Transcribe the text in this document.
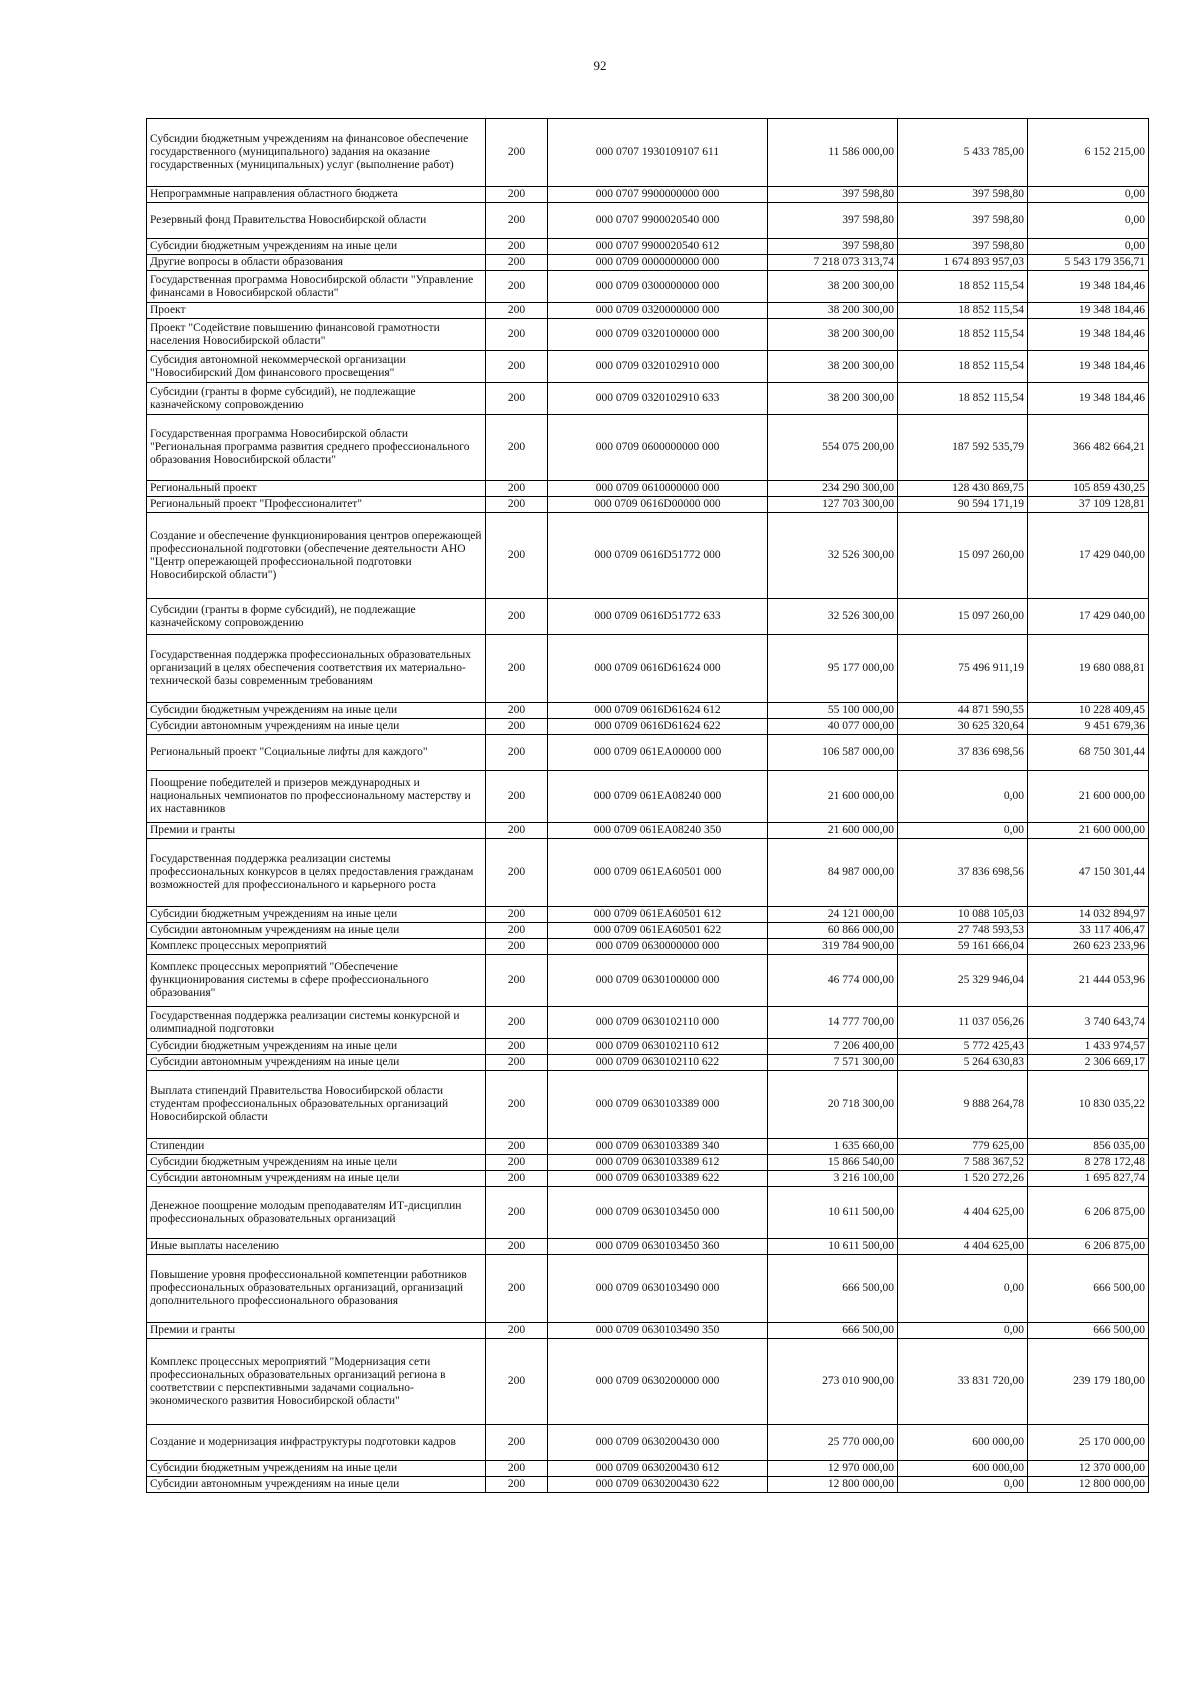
92
Субсидии бюджетным учреждениям на финансовое обеспечение государственного (муниципального) задания на оказание государственных (муниципальных) услуг (выполнение работ)	200	000 0707 1930109107 611	11 586 000,00	5 433 785,00	6 152 215,00
Непрограммные направления областного бюджета	200	000 0707 9900000000 000	397 598,80	397 598,80	0,00
Резервный фонд Правительства Новосибирской области	200	000 0707 9900020540 000	397 598,80	397 598,80	0,00
Субсидии бюджетным учреждениям на иные цели	200	000 0707 9900020540 612	397 598,80	397 598,80	0,00
Другие вопросы в области образования	200	000 0709 0000000000 000	7 218 073 313,74	1 674 893 957,03	5 543 179 356,71
Государственная программа Новосибирской области "Управление финансами в Новосибирской области"	200	000 0709 0300000000 000	38 200 300,00	18 852 115,54	19 348 184,46
Проект	200	000 0709 0320000000 000	38 200 300,00	18 852 115,54	19 348 184,46
Проект "Содействие повышению финансовой грамотности населения Новосибирской области"	200	000 0709 0320100000 000	38 200 300,00	18 852 115,54	19 348 184,46
Субсидия автономной некоммерческой организации "Новосибирский Дом финансового просвещения"	200	000 0709 0320102910 000	38 200 300,00	18 852 115,54	19 348 184,46
Субсидии (гранты в форме субсидий), не подлежащие казначейскому сопровождению	200	000 0709 0320102910 633	38 200 300,00	18 852 115,54	19 348 184,46
Государственная программа Новосибирской области "Региональная программа развития среднего профессионального образования Новосибирской области"	200	000 0709 0600000000 000	554 075 200,00	187 592 535,79	366 482 664,21
Региональный проект	200	000 0709 0610000000 000	234 290 300,00	128 430 869,75	105 859 430,25
Региональный проект "Профессионалитет"	200	000 0709 0616D00000 000	127 703 300,00	90 594 171,19	37 109 128,81
Создание и обеспечение функционирования центров опережающей профессиональной подготовки (обеспечение деятельности АНО "Центр опережающей профессиональной подготовки Новосибирской области")	200	000 0709 0616D51772 000	32 526 300,00	15 097 260,00	17 429 040,00
Субсидии (гранты в форме субсидий), не подлежащие казначейскому сопровождению	200	000 0709 0616D51772 633	32 526 300,00	15 097 260,00	17 429 040,00
Государственная поддержка профессиональных образовательных организаций в целях обеспечения соответствия их материально-технической базы современным требованиям	200	000 0709 0616D61624 000	95 177 000,00	75 496 911,19	19 680 088,81
Субсидии бюджетным учреждениям на иные цели	200	000 0709 0616D61624 612	55 100 000,00	44 871 590,55	10 228 409,45
Субсидии автономным учреждениям на иные цели	200	000 0709 0616D61624 622	40 077 000,00	30 625 320,64	9 451 679,36
Региональный проект "Социальные лифты для каждого"	200	000 0709 061EA00000 000	106 587 000,00	37 836 698,56	68 750 301,44
Поощрение победителей и призеров международных и национальных чемпионатов по профессиональному мастерству и их наставников	200	000 0709 061EA08240 000	21 600 000,00	0,00	21 600 000,00
Премии и гранты	200	000 0709 061EA08240 350	21 600 000,00	0,00	21 600 000,00
Государственная поддержка реализации системы профессиональных конкурсов в целях предоставления гражданам возможностей для профессионального и карьерного роста	200	000 0709 061EA60501 000	84 987 000,00	37 836 698,56	47 150 301,44
Субсидии бюджетным учреждениям на иные цели	200	000 0709 061EA60501 612	24 121 000,00	10 088 105,03	14 032 894,97
Субсидии автономным учреждениям на иные цели	200	000 0709 061EA60501 622	60 866 000,00	27 748 593,53	33 117 406,47
Комплекс процессных мероприятий	200	000 0709 0630000000 000	319 784 900,00	59 161 666,04	260 623 233,96
Комплекс процессных мероприятий "Обеспечение функционирования системы в сфере профессионального образования"	200	000 0709 0630100000 000	46 774 000,00	25 329 946,04	21 444 053,96
Государственная поддержка реализации системы конкурсной и олимпиадной подготовки	200	000 0709 0630102110 000	14 777 700,00	11 037 056,26	3 740 643,74
Субсидии бюджетным учреждениям на иные цели	200	000 0709 0630102110 612	7 206 400,00	5 772 425,43	1 433 974,57
Субсидии автономным учреждениям на иные цели	200	000 0709 0630102110 622	7 571 300,00	5 264 630,83	2 306 669,17
Выплата стипендий Правительства Новосибирской области студентам профессиональных образовательных организаций Новосибирской области	200	000 0709 0630103389 000	20 718 300,00	9 888 264,78	10 830 035,22
Стипендии	200	000 0709 0630103389 340	1 635 660,00	779 625,00	856 035,00
Субсидии бюджетным учреждениям на иные цели	200	000 0709 0630103389 612	15 866 540,00	7 588 367,52	8 278 172,48
Субсидии автономным учреждениям на иные цели	200	000 0709 0630103389 622	3 216 100,00	1 520 272,26	1 695 827,74
Денежное поощрение молодым преподавателям ИТ-дисциплин профессиональных образовательных организаций	200	000 0709 0630103450 000	10 611 500,00	4 404 625,00	6 206 875,00
Иные выплаты населению	200	000 0709 0630103450 360	10 611 500,00	4 404 625,00	6 206 875,00
Повышение уровня профессиональной компетенции работников профессиональных образовательных организаций, организаций дополнительного профессионального образования	200	000 0709 0630103490 000	666 500,00	0,00	666 500,00
Премии и гранты	200	000 0709 0630103490 350	666 500,00	0,00	666 500,00
Комплекс процессных мероприятий "Модернизация сети профессиональных образовательных организаций региона в соответствии с перспективными задачами социально-экономического развития Новосибирской области"	200	000 0709 0630200000 000	273 010 900,00	33 831 720,00	239 179 180,00
Создание и модернизация инфраструктуры подготовки кадров	200	000 0709 0630200430 000	25 770 000,00	600 000,00	25 170 000,00
Субсидии бюджетным учреждениям на иные цели	200	000 0709 0630200430 612	12 970 000,00	600 000,00	12 370 000,00
Субсидии автономным учреждениям на иные цели	200	000 0709 0630200430 622	12 800 000,00	0,00	12 800 000,00
